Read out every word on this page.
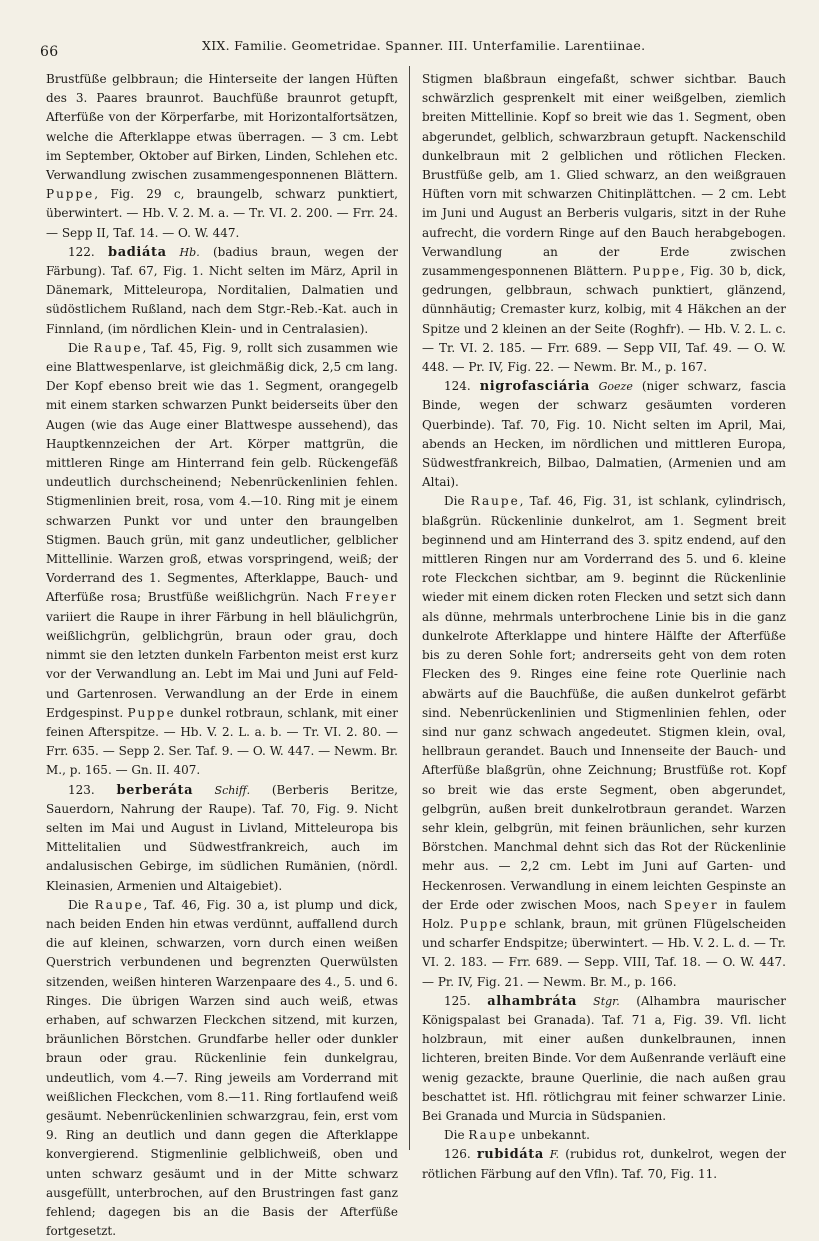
66	XIX. Familie. Geometridae. Spanner. III. Unterfamilie. Larentiinae.

Brustfüße gelbbraun; die Hinterseite der langen Hüften des 3. Paares braunrot. Bauchfüße braunrot getupft, Afterfüße von der Körperfarbe, mit Horizontalfortsätzen, welche die Afterklappe etwas überragen. — 3 cm. Lebt im September, Oktober auf Birken, Linden, Schlehen etc. Verwandlung zwischen zusammengesponnenen Blättern. Puppe, Fig. 29 c, braungelb, schwarz punktiert, überwintert. — Hb. V. 2. M. a. — Tr. VI. 2. 200. — Frr. 24. — Sepp II, Taf. 14. — O. W. 447.

122. badiáta Hb. (badius braun, wegen der Färbung). Taf. 67, Fig. 1. Nicht selten im März, April in Dänemark, Mitteleuropa, Norditalien, Dalmatien und südöstlichem Rußland, nach dem Stgr.-Reb.-Kat. auch in Finnland, (im nördlichen Klein- und in Centralasien).

Die Raupe, Taf. 45, Fig. 9, rollt sich zusammen wie eine Blattwespenlarve, ist gleichmäßig dick, 2,5 cm lang. Der Kopf ebenso breit wie das 1. Segment, orangegelb mit einem starken schwarzen Punkt beiderseits über den Augen (wie das Auge einer Blattwespe aussehend), das Hauptkennzeichen der Art. Körper mattgrün, die mittleren Ringe am Hinterrand fein gelb. Rückengefäß undeutlich durchscheinend; Nebenrückenlinien fehlen. Stigmenlinien breit, rosa, vom 4.—10. Ring mit je einem schwarzen Punkt vor und unter den braungelben Stigmen. Bauch grün, mit ganz undeutlicher, gelblicher Mittellinie. Warzen groß, etwas vorspringend, weiß; der Vorderrand des 1. Segmentes, Afterklappe, Bauch- und Afterfüße rosa; Brustfüße weißlichgrün. Nach Freyer variiert die Raupe in ihrer Färbung in hell bläulichgrün, weißlichgrün, gelblichgrün, braun oder grau, doch nimmt sie den letzten dunkeln Farbenton meist erst kurz vor der Verwandlung an. Lebt im Mai und Juni auf Feld- und Gartenrosen. Verwandlung an der Erde in einem Erdgespinst. Puppe dunkel rotbraun, schlank, mit einer feinen Afterspitze. — Hb. V. 2. L. a. b. — Tr. VI. 2. 80. — Frr. 635. — Sepp 2. Ser. Taf. 9. — O. W. 447. — Newm. Br. M., p. 165. — Gn. II. 407.

123. berberáta Schiff. (Berberis Beritze, Sauerdorn, Nahrung der Raupe). Taf. 70, Fig. 9. Nicht selten im Mai und August in Livland, Mitteleuropa bis Mittelitalien und Südwestfrankreich, auch im andalusischen Gebirge, im südlichen Rumänien, (nördl. Kleinasien, Armenien und Altaigebiet).

Die Raupe, Taf. 46, Fig. 30 a, ist plump und dick, nach beiden Enden hin etwas verdünnt, auffallend durch die auf kleinen, schwarzen, vorn durch einen weißen Querstrich verbundenen und begrenzten Querwülsten sitzenden, weißen hinteren Warzenpaare des 4., 5. und 6. Ringes. Die übrigen Warzen sind auch weiß, etwas erhaben, auf schwarzen Fleckchen sitzend, mit kurzen, bräunlichen Börstchen. Grundfarbe heller oder dunkler braun oder grau. Rückenlinie fein dunkelgrau, undeutlich, vom 4.—7. Ring jeweils am Vorderrand mit weißlichen Fleckchen, vom 8.—11. Ring fortlaufend weiß gesäumt. Nebenrückenlinien schwarzgrau, fein, erst vom 9. Ring an deutlich und dann gegen die Afterklappe konvergierend. Stigmenlinie gelblichweiß, oben und unten schwarz gesäumt und in der Mitte schwarz ausgefüllt, unterbrochen, auf den Brustringen fast ganz fehlend; dagegen bis an die Basis der Afterfüße fortgesetzt.

Stigmen blaßbraun eingefaßt, schwer sichtbar. Bauch schwärzlich gesprenkelt mit einer weißgelben, ziemlich breiten Mittellinie. Kopf so breit wie das 1. Segment, oben abgerundet, gelblich, schwarzbraun getupft. Nackenschild dunkelbraun mit 2 gelblichen und rötlichen Flecken. Brustfüße gelb, am 1. Glied schwarz, an den weißgrauen Hüften vorn mit schwarzen Chitinplättchen. — 2 cm. Lebt im Juni und August an Berberis vulgaris, sitzt in der Ruhe aufrecht, die vordern Ringe auf den Bauch herabgebogen. Verwandlung an der Erde zwischen zusammengesponnenen Blättern. Puppe, Fig. 30 b, dick, gedrungen, gelbbraun, schwach punktiert, glänzend, dünnhäutig; Cremaster kurz, kolbig, mit 4 Häkchen an der Spitze und 2 kleinen an der Seite (Roghfr). — Hb. V. 2. L. c. — Tr. VI. 2. 185. — Frr. 689. — Sepp VII, Taf. 49. — O. W. 448. — Pr. IV, Fig. 22. — Newm. Br. M., p. 167.

124. nigrofasciária Goeze (niger schwarz, fascia Binde, wegen der schwarz gesäumten vorderen Querbinde). Taf. 70, Fig. 10. Nicht selten im April, Mai, abends an Hecken, im nördlichen und mittleren Europa, Südwestfrankreich, Bilbao, Dalmatien, (Armenien und am Altai).

Die Raupe, Taf. 46, Fig. 31, ist schlank, cylindrisch, blaßgrün. Rückenlinie dunkelrot, am 1. Segment breit beginnend und am Hinterrand des 3. spitz endend, auf den mittleren Ringen nur am Vorderrand des 5. und 6. kleine rote Fleckchen sichtbar, am 9. beginnt die Rückenlinie wieder mit einem dicken roten Flecken und setzt sich dann als dünne, mehrmals unterbrochene Linie bis in die ganz dunkelrote Afterklappe und hintere Hälfte der Afterfüße bis zu deren Sohle fort; andrerseits geht von dem roten Flecken des 9. Ringes eine feine rote Querlinie nach abwärts auf die Bauchfüße, die außen dunkelrot gefärbt sind. Nebenrückenlinien und Stigmenlinien fehlen, oder sind nur ganz schwach angedeutet. Stigmen klein, oval, hellbraun gerandet. Bauch und Innenseite der Bauch- und Afterfüße blaßgrün, ohne Zeichnung; Brustfüße rot. Kopf so breit wie das erste Segment, oben abgerundet, gelbgrün, außen breit dunkelrotbraun gerandet. Warzen sehr klein, gelbgrün, mit feinen bräunlichen, sehr kurzen Börstchen. Manchmal dehnt sich das Rot der Rückenlinie mehr aus. — 2,2 cm. Lebt im Juni auf Garten- und Heckenrosen. Verwandlung in einem leichten Gespinste an der Erde oder zwischen Moos, nach Speyer in faulem Holz. Puppe schlank, braun, mit grünen Flügelscheiden und scharfer Endspitze; überwintert. — Hb. V. 2. L. d. — Tr. VI. 2. 183. — Frr. 689. — Sepp. VIII, Taf. 18. — O. W. 447. — Pr. IV, Fig. 21. — Newm. Br. M., p. 166.

125. alhambráta Stgr. (Alhambra maurischer Königspalast bei Granada). Taf. 71 a, Fig. 39. Vfl. licht holzbraun, mit einer außen dunkelbraunen, innen lichteren, breiten Binde. Vor dem Außenrande verläuft eine wenig gezackte, braune Querlinie, die nach außen grau beschattet ist. Hfl. rötlichgrau mit feiner schwarzer Linie. Bei Granada und Murcia in Südspanien.

Die Raupe unbekannt.

126. rubidáta F. (rubidus rot, dunkelrot, wegen der rötlichen Färbung auf den Vfln). Taf. 70, Fig. 11.
